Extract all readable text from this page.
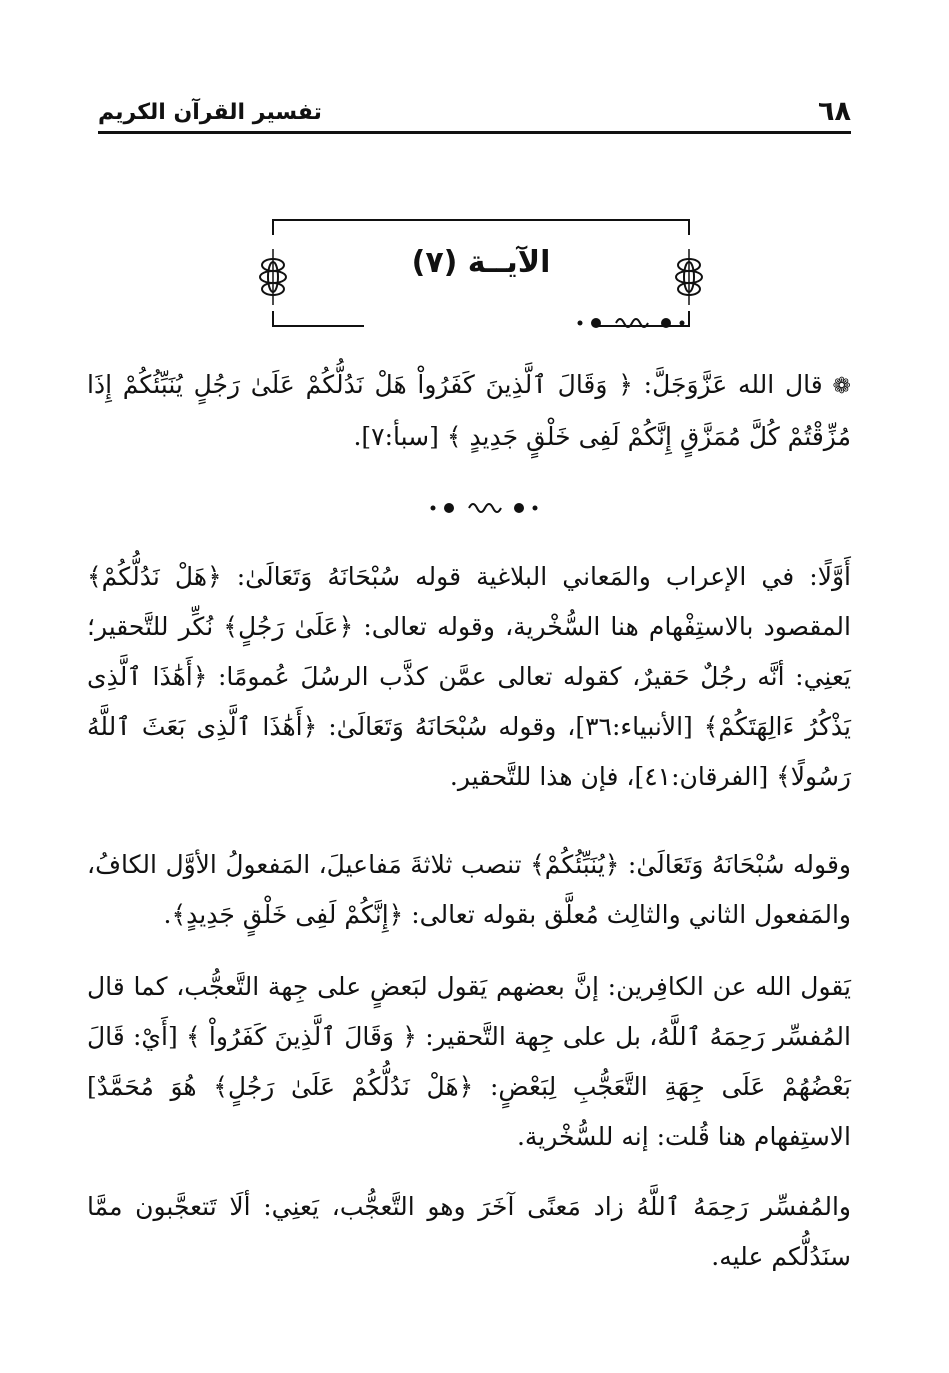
٦٨
تفسير القرآن الكريم
الآيــة (٧)

❁ قال الله عَزَّوَجَلَّ: ﴿ وَقَالَ ٱلَّذِينَ كَفَرُواْ هَلْ نَدُلُّكُمْ عَلَىٰ رَجُلٍ يُنَبِّئُكُمْ إِذَا مُزِّقْتُمْ كُلَّ مُمَزَّقٍ إِنَّكُمْ لَفِى خَلْقٍ جَدِيدٍ ﴾ [سبأ:٧].

أَوَّلًا: في الإعراب والمَعاني البلاغية قوله سُبْحَانَهُ وَتَعَالَىٰ: ﴿هَلْ نَدُلُّكُمْ﴾ المقصود بالاستِفْهام هنا السُّخْرية، وقوله تعالى: ﴿عَلَىٰ رَجُلٍ﴾ نُكِّر للتَّحقير؛ يَعنِي: أنَّه رجُلٌ حَقيرٌ، كقوله تعالى عمَّن كذَّب الرسُلَ عُمومًا: ﴿أَهَٰذَا ٱلَّذِى يَذْكُرُ ءَالِهَتَكُمْ﴾ [الأنبياء:٣٦]، وقوله سُبْحَانَهُ وَتَعَالَىٰ: ﴿أَهَٰذَا ٱلَّذِى بَعَثَ ٱللَّهُ رَسُولًا﴾ [الفرقان:٤١]، فإن هذا للتَّحقير.

وقوله سُبْحَانَهُ وَتَعَالَىٰ: ﴿يُنَبِّئُكُمْ﴾ تنصب ثلاثةَ مَفاعيلَ، المَفعولُ الأوَّل الكافُ، والمَفعول الثاني والثالِث مُعلَّق بقوله تعالى: ﴿إِنَّكُمْ لَفِى خَلْقٍ جَدِيدٍ﴾.

يَقول الله عن الكافِرين: إنَّ بعضهم يَقول لبَعضٍ على جِهة التَّعجُّب، كما قال المُفسِّر رَحِمَهُ ٱللَّهُ، بل على جِهة التَّحقير: ﴿ وَقَالَ ٱلَّذِينَ كَفَرُواْ ﴾ [أَيْ: قَالَ بَعْضُهُمْ عَلَى جِهَةِ التَّعَجُّبِ لِبَعْضٍ: ﴿هَلْ نَدُلُّكُمْ عَلَىٰ رَجُلٍ﴾ هُوَ مُحَمَّدٌ] الاستِفهام هنا قُلت: إنه للسُّخْرية.

والمُفسِّر رَحِمَهُ ٱللَّهُ زاد مَعنًى آخَرَ وهو التَّعجُّب، يَعنِي: ألَا تَتعجَّبون ممَّا سنَدُلُّكم عليه.
